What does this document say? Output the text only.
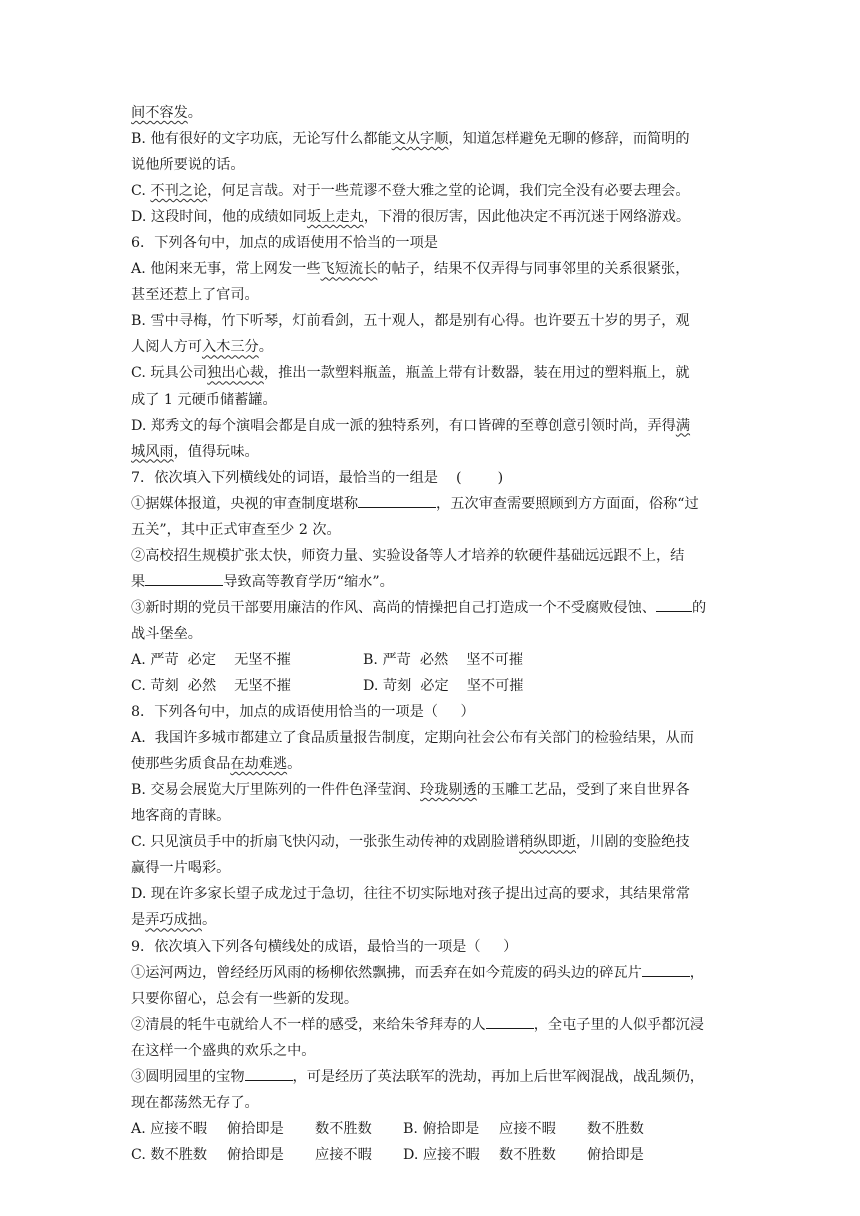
间不容发。
B. 他有很好的文字功底，无论写什么都能文从字顺，知道怎样避免无聊的修辞，而简明的
说他所要说的话。
C. 不刊之论，何足言哉。对于一些荒谬不登大雅之堂的论调，我们完全没有必要去理会。
D. 这段时间，他的成绩如同坂上走丸，下滑的很厉害，因此他决定不再沉迷于网络游戏。
6．下列各句中，加点的成语使用不恰当的一项是
A. 他闲来无事，常上网发一些飞短流长的帖子，结果不仅弄得与同事邻里的关系很紧张，
甚至还惹上了官司。
B. 雪中寻梅，竹下听琴，灯前看剑，五十观人，都是别有心得。也许要五十岁的男子，观
人阅人方可入木三分。
C. 玩具公司独出心裁，推出一款塑料瓶盖，瓶盖上带有计数器，装在用过的塑料瓶上，就
成了 1 元硬币储蓄罐。
D. 郑秀文的每个演唱会都是自成一派的独特系列，有口皆碑的至尊创意引领时尚，弄得满
城风雨，值得玩味。
7．依次填入下列横线处的词语，最恰当的一组是    (        )
①据媒体报道，央视的审查制度堪称	，五次审查需要照顾到方方面面，俗称“过
五关”，其中正式审查至少 2 次。
②高校招生规模扩张太快，师资力量、实验设备等人才培养的软硬件基础远远跟不上，结
果	导致高等教育学历“缩水”。
③新时期的党员干部要用廉洁的作风、高尚的情操把自己打造成一个不受腐败侵蚀、	的
战斗堡垒。
A. 严苛  必定    无坚不摧	B. 严苛  必然    坚不可摧
C. 苛刻  必然    无坚不摧	D. 苛刻  必定    坚不可摧
8．下列各句中，加点的成语使用恰当的一项是（     ）
A.  我国许多城市都建立了食品质量报告制度，定期向社会公布有关部门的检验结果，从而
使那些劣质食品在劫难逃。
B. 交易会展览大厅里陈列的一件件色泽莹润、玲珑剔透的玉雕工艺品，受到了来自世界各
地客商的青睐。
C. 只见演员手中的折扇飞快闪动，一张张生动传神的戏剧脸谱稍纵即逝，川剧的变脸绝技
赢得一片喝彩。
D. 现在许多家长望子成龙过于急切，往往不切实际地对孩子提出过高的要求，其结果常常
是弄巧成拙。
9．依次填入下列各句横线处的成语，最恰当的一项是（     ）
①运河两边，曾经经历风雨的杨柳依然飘拂，而丢弃在如今荒废的码头边的碎瓦片	，
只要你留心，总会有一些新的发现。
②清晨的牦牛屯就给人不一样的感受，来给朱爷拜寿的人	，全屯子里的人似乎都沉浸
在这样一个盛典的欢乐之中。
③圆明园里的宝物	，可是经历了英法联军的洗劫，再加上后世军阀混战，战乱频仍，
现在都荡然无存了。
A. 应接不暇 俯拾即是 数不胜数 B. 俯拾即是 应接不暇 数不胜数
C. 数不胜数 俯拾即是 应接不暇 D. 应接不暇 数不胜数 俯拾即是
